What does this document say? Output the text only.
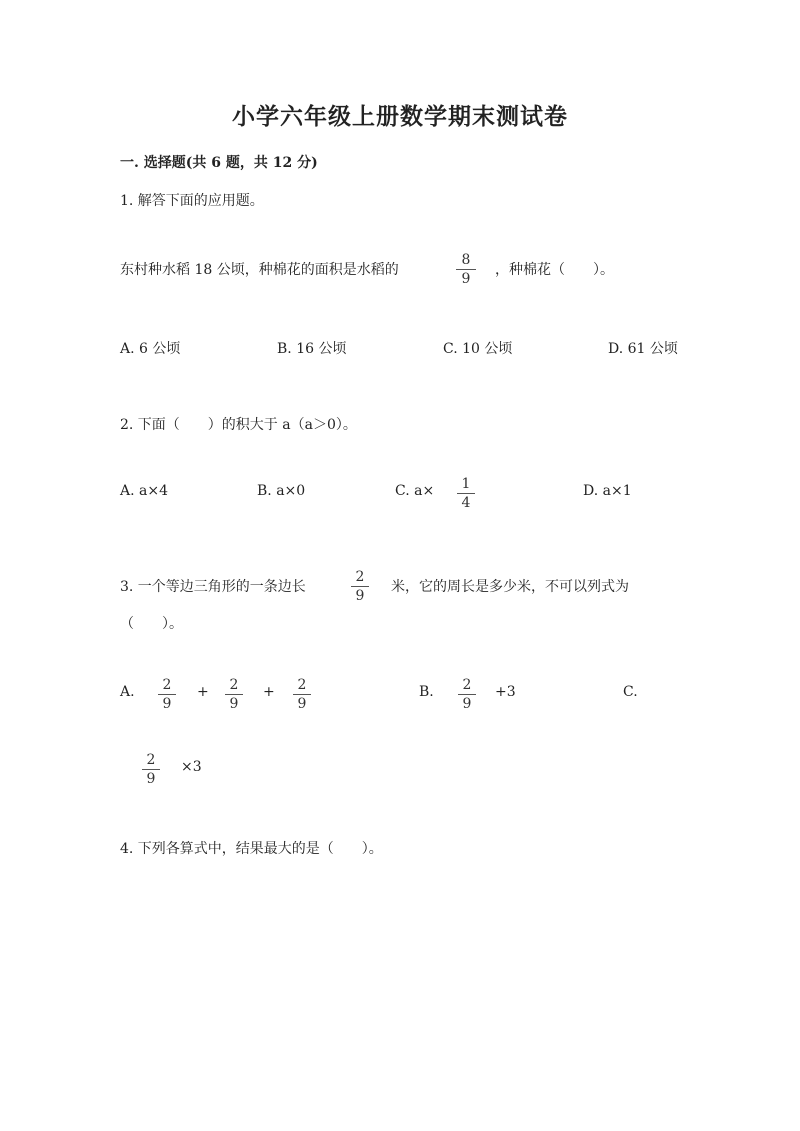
小学六年级上册数学期末测试卷
一. 选择题(共 6 题，共 12 分)
1. 解答下面的应用题。
东村种水稻 18 公顷，种棉花的面积是水稻的
8
9
，种棉花（　　）。
A. 6 公顷	B. 16 公顷	C. 10 公顷	D. 61 公顷
2. 下面（　　）的积大于 a（a＞0）。
A. a×4	B. a×0	C. a×	1
4
D. a×1
3. 一个等边三角形的一条边长
2
9
米，它的周长是多少米，不可以列式为
（　　）。
A.	2
9
+	2
9
+	2
9
B.	2
9
+3	C.
2
9
×3
4. 下列各算式中，结果最大的是（　　）。
